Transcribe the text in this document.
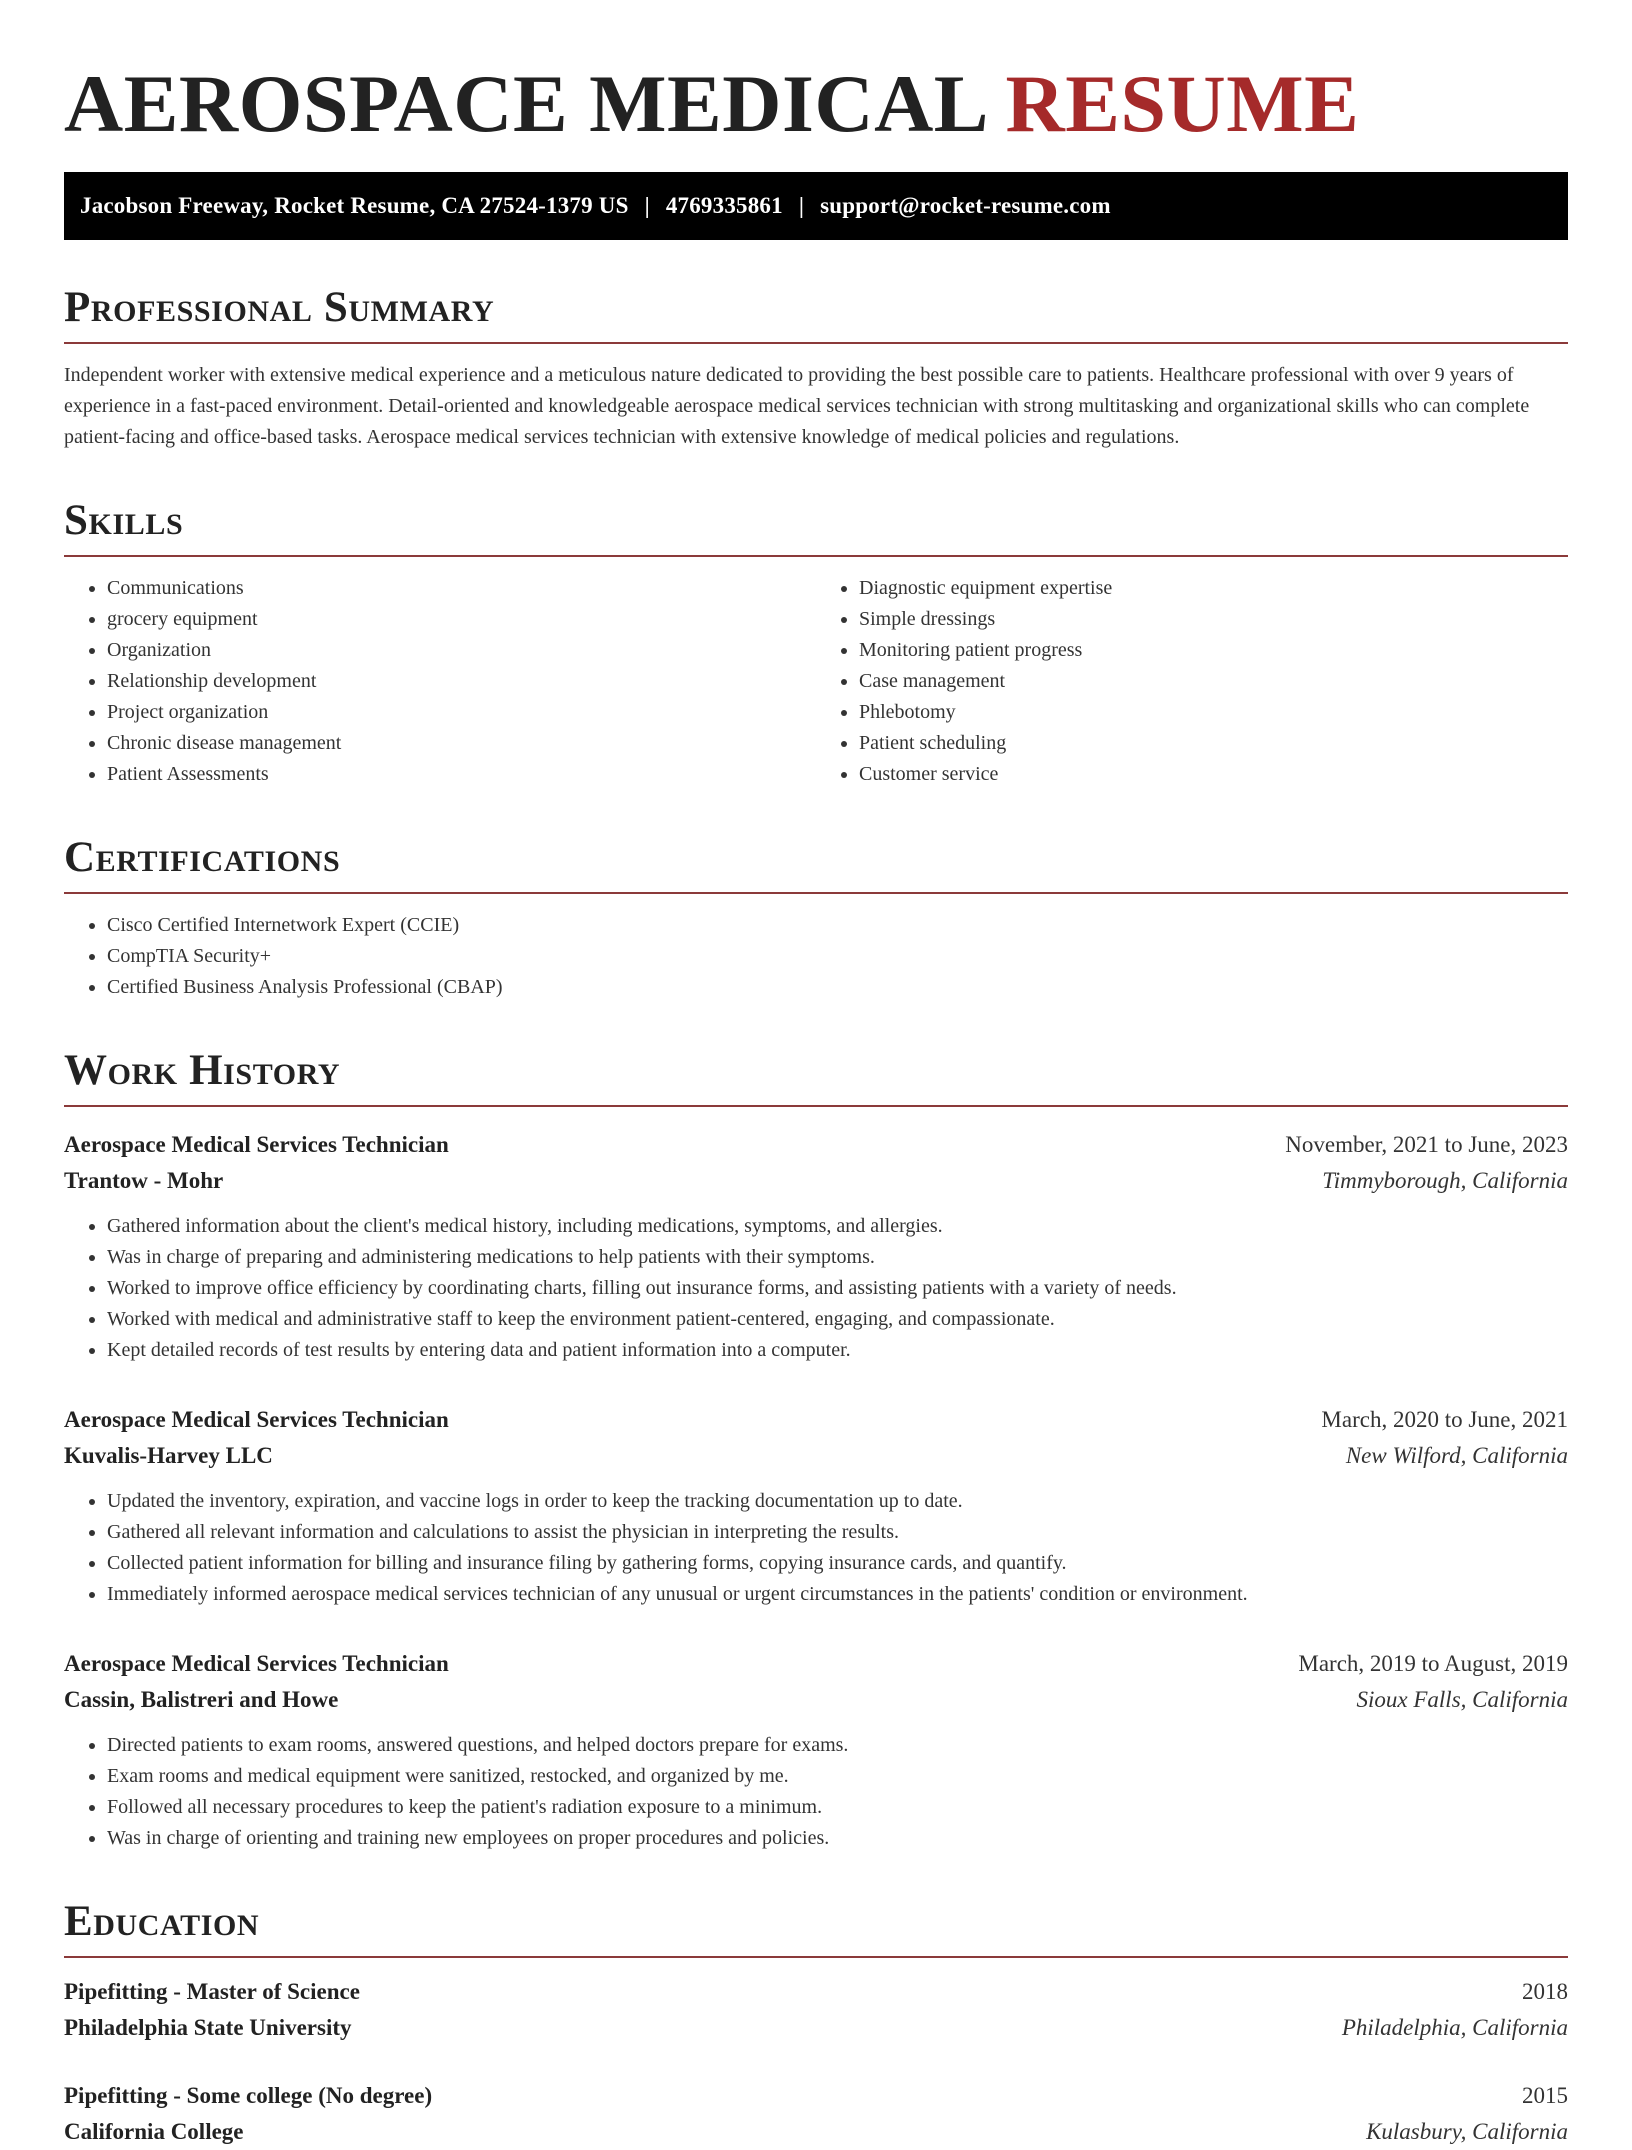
AEROSPACE MEDICAL RESUME
Jacobson Freeway, Rocket Resume, CA 27524-1379 US | 4769335861 | support@rocket-resume.com
Professional Summary

Independent worker with extensive medical experience and a meticulous nature dedicated to providing the best possible care to patients. Healthcare professional with over 9 years of experience in a fast-paced environment. Detail-oriented and knowledgeable aerospace medical services technician with strong multitasking and organizational skills who can complete patient-facing and office-based tasks. Aerospace medical services technician with extensive knowledge of medical policies and regulations.

Skills
• Communications
• grocery equipment
• Organization
• Relationship development
• Project organization
• Chronic disease management
• Patient Assessments
• Diagnostic equipment expertise
• Simple dressings
• Monitoring patient progress
• Case management
• Phlebotomy
• Patient scheduling
• Customer service
Certifications
• Cisco Certified Internetwork Expert (CCIE)
• CompTIA Security+
• Certified Business Analysis Professional (CBAP)
Work History
Aerospace Medical Services Technician	November, 2021 to June, 2023
Trantow - Mohr	Timmyborough, California
• Gathered information about the client's medical history, including medications, symptoms, and allergies.
• Was in charge of preparing and administering medications to help patients with their symptoms.
• Worked to improve office efficiency by coordinating charts, filling out insurance forms, and assisting patients with a variety of needs.
• Worked with medical and administrative staff to keep the environment patient-centered, engaging, and compassionate.
• Kept detailed records of test results by entering data and patient information into a computer.
Aerospace Medical Services Technician	March, 2020 to June, 2021
Kuvalis-Harvey LLC	New Wilford, California
• Updated the inventory, expiration, and vaccine logs in order to keep the tracking documentation up to date.
• Gathered all relevant information and calculations to assist the physician in interpreting the results.
• Collected patient information for billing and insurance filing by gathering forms, copying insurance cards, and quantify.
• Immediately informed aerospace medical services technician of any unusual or urgent circumstances in the patients' condition or environment.
Aerospace Medical Services Technician	March, 2019 to August, 2019
Cassin, Balistreri and Howe	Sioux Falls, California
• Directed patients to exam rooms, answered questions, and helped doctors prepare for exams.
• Exam rooms and medical equipment were sanitized, restocked, and organized by me.
• Followed all necessary procedures to keep the patient's radiation exposure to a minimum.
• Was in charge of orienting and training new employees on proper procedures and policies.
Education
Pipefitting - Master of Science	2018
Philadelphia State University	Philadelphia, California
Pipefitting - Some college (No degree)	2015
California College	Kulasbury, California
